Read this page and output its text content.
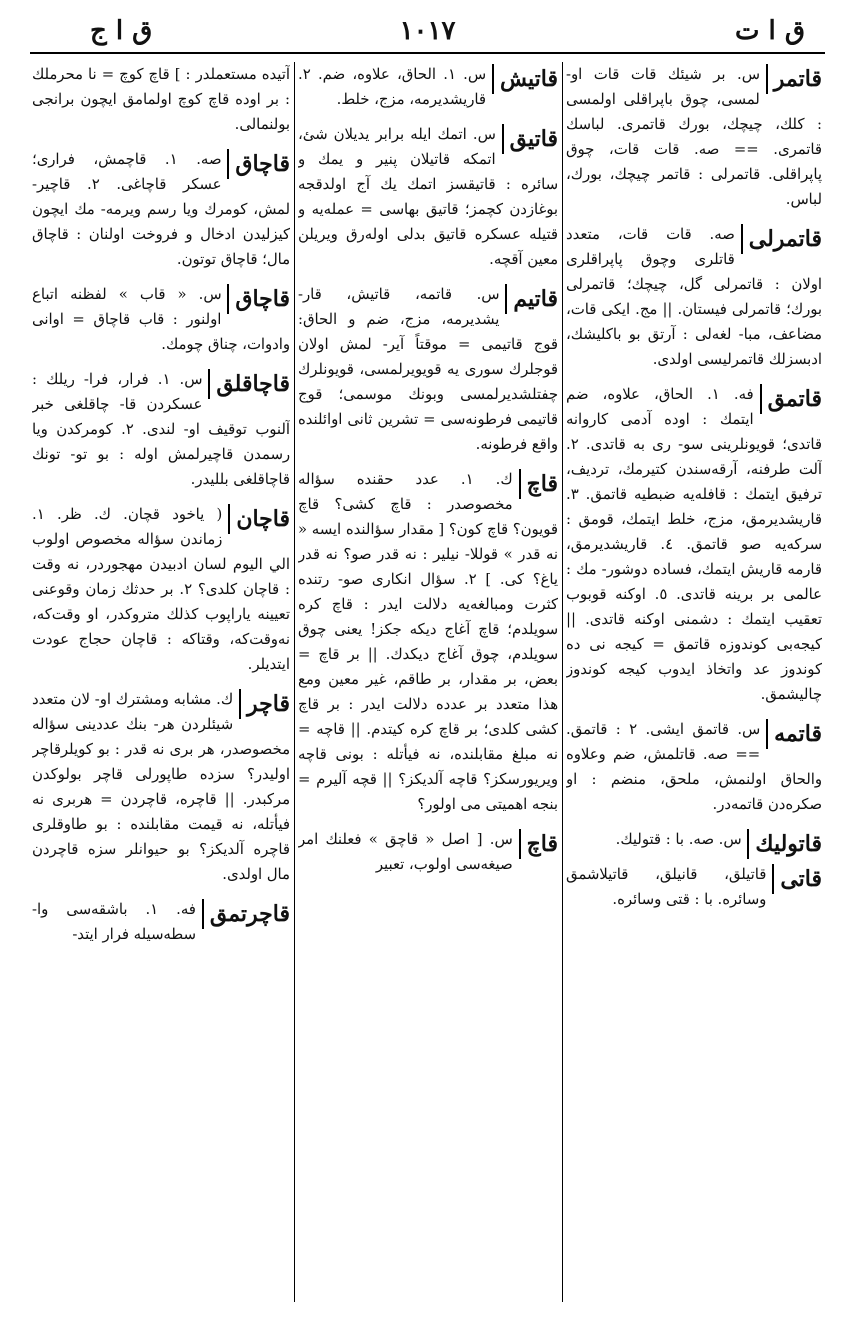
ق ا ت
١٠١٧
ق ا ج
قاتمر
س. بر شيئك قات قات او- لمسى، چوق باپراقلى اولمسى : كلك، چيچك، بورك قاتمرى. لباسك قاتمرى. == صه. قات قات، چوق پاپراقلى. قاتمرلى : قاتمر چيچك، بورك، لباس.
قاتمرلى
صه. قات قات، متعدد قاتلرى وچوق پاپراقلرى اولان : قاتمرلى گل، چيچك؛ قاتمرلى بورك؛ قاتمرلى فيستان. || مج. ايكى قات، مضاعف، مبا- لغه‌لى : آرتق بو باكليشك، ادبسزلك قاتمرليسى اولدى.
قاتمق
فه. ١. الحاق، علاوه، ضم ايتمك : اوده آدمى كاروانه قاتدى؛ قويونلرينى سو- رى به قاتدى. ٢. آلت طرفنه، آرقه‌سندن كتيرمك، ترديف، ترفيق ايتمك : قافله‌يه ضبطيه قاتمق. ٣. قاريشديرمق، مزج، خلط ايتمك، قومق : سركه‌يه صو قاتمق. ٤. قاريشديرمق، قارمه قاريش ايتمك، فساده دوشور- مك : عالمى بر برينه قاتدى. ٥. اوكنه قوبوب تعقيب ايتمك : دشمنى اوكنه قاتدى. || كيجه‌بى كوندوزه قاتمق = كيجه نى ده كوندوز عد واتخاذ ايدوب كيجه كوندوز چاليشمق.
قاتمه
س. قاتمق ايشى. ٢ : قاتمق. == صه. قاتلمش، ضم وعلاوه والحاق اولنمش، ملحق، منضم : او صكره‌دن قاتمه‌در.
قاتوليك
س. صه. با : قتوليك.
قاتى
قاتيلق، قانيلق، قاتيلاشمق وسائره. با : قتى وسائره.
قاتيش
س. ١. الحاق، علاوه، ضم. ٢. قاريشديرمه، مزج، خلط.
قاتيق
س. اتمك ايله برابر يديلان شئ، اتمكه قاتيلان پنير و يمك و سائره : قاتيقسز اتمك يك آج اولدقجه بوغازدن كچمز؛ قاتيق بهاسى = عمله‌يه و قتيله عسكره قاتيق بدلى اولەرق ويريلن معين آقچه.
قاتيم
س. قاتمه، قاتيش، قار- يشديرمه، مزج، ضم و الحاق: قوج قاتيمى = موقتاً آير- لمش اولان قوجلرك سورى يه قويويرلمسى، قويونلرك چفتلشديرلمسى وبونك موسمى؛ قوج قاتيمى فرطونه‌سى = تشرين ثانى اوائلنده واقع فرطونه.
قاچ
ك. ١. عدد حقنده سؤاله مخصوصدر : قاچ كشى؟ قاچ قويون؟ قاچ كون؟ [ مقدار سؤالنده ايسه « نه قدر » قوللا- نيلير : نه قدر صو؟ نه قدر ياغ؟ كى. ] ٢. سؤال انكارى صو- رتنده كثرت ومبالغه‌يه دلالت ايدر : قاچ كره سويلدم؛ قاچ آغاج ديكه جكز! يعنى چوق سويلدم، چوق آغاج ديكدك. || بر قاچ = بعض، بر مقدار، بر طاقم، غير معين ومع هذا متعدد بر عدده دلالت ايدر : بر قاچ كشى كلدى؛ بر قاچ كره كيتدم. || قاچه = نه مبلغ مقابلنده، نه فيأتله : بونى قاچه ويريورسكز؟ قاچه آلديكز؟ || قچه آليرم = بنجه اهميتى مى اولور؟
قاچ
س. [ اصل « قاچق » فعلنك امر صيغه‌سى اولوب، تعبير
آتيده مستعملدر : ] قاچ كوچ = نا محرملك : بر اوده قاچ كوچ اولمامق ايچون برانجى بولنمالى.
قاچاق
صه. ١. قاچمش، فرارى؛ عسكر قاچاغى. ٢. قاچير- لمش، كومرك ويا رسم ويرمه- مك ايچون كيزليدن ادخال و فروخت اولنان : قاچاق مال؛ قاچاق توتون.
قاچاق
س. « قاب » لفظنه اتباع اولنور : قاب قاچاق = اوانى وادوات، چناق چومك.
قاچاقلق
س. ١. فرار، فرا- ريلك : عسكردن قا- چاقلغى خبر آلنوب توقيف او- لندى. ٢. كومركدن ويا رسمدن قاچيرلمش اوله : بو تو- تونك قاچاقلغى بلليدر.
قاچان
( ياخود قچان. ك. ظر. ١. زماندن سؤاله مخصوص اولوب الي اليوم لسان ادبيدن مهجوردر، نه وقت : قاچان كلدى؟ ٢. بر حدثك زمان وقوعنى تعيينه ياراپوب كذلك متروكدر، او وقت‌كه، نه‌وقت‌كه، وقتاكه : قاچان حجاج عودت ايتديلر.
قاچر
ك. مشابه ومشترك او- لان متعدد شيئلردن هر- بنك عددينى سؤاله مخصوصدر، هر برى نه قدر : بو كويلرقاچر اوليدر؟ سزده طاپورلى قاچر بولوكدن مركبدر. || قاچره، قاچردن = هربرى نه فيأتله، نه قيمت مقابلنده : بو طاوقلرى قاچره آلديكز؟ بو حيوانلر سزه قاچردن مال اولدى.
قاچرتمق
فه. ١. باشقه‌سى وا- سطه‌سيله فرار ايتد-
